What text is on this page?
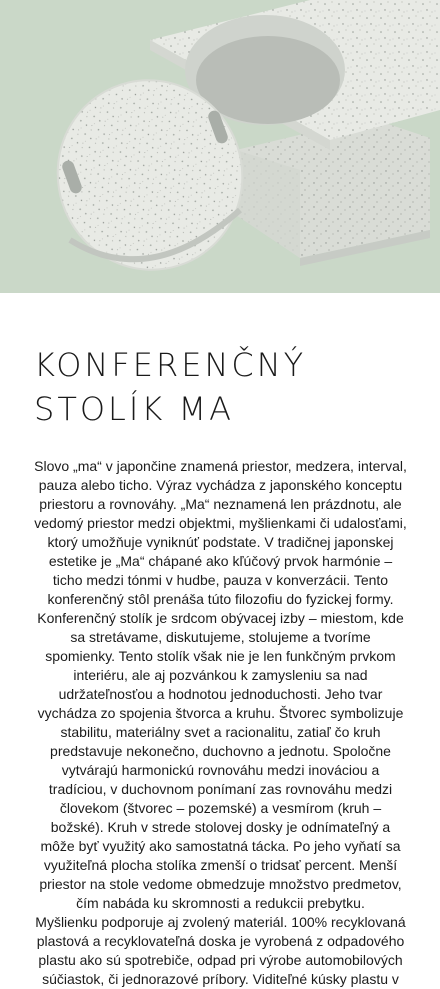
KONFERENČNÝ
STOLÍK MA

Slovo „ma“ v japončine znamená priestor, medzera, interval, pauza alebo ticho. Výraz vychádza z japonského konceptu priestoru a rovnováhy. „Ma“ neznamená len prázdnotu, ale vedomý priestor medzi objektmi, myšlienkami či udalosťami, ktorý umožňuje vyniknúť podstate. V tradičnej japonskej estetike je „Ma“ chápané ako kľúčový prvok harmónie – ticho medzi tónmi v hudbe, pauza v konverzácii. Tento konferenčný stôl prenáša túto filozofiu do fyzickej formy. Konferenčný stolík je srdcom obývacej izby – miestom, kde sa stretávame, diskutujeme, stolujeme a tvoríme spomienky. Tento stolík však nie je len funkčným prvkom interiéru, ale aj pozvánkou k zamysleniu sa nad udržateľnosťou a hodnotou jednoduchosti. Jeho tvar vychádza zo spojenia štvorca a kruhu. Štvorec symbolizuje stabilitu, materiálny svet a racionalitu, zatiaľ čo kruh predstavuje nekonečno, duchovno a jednotu. Spoločne vytvárajú harmonickú rovnováhu medzi inováciou a tradíciou, v duchovnom ponímaní zas rovnováhu medzi človekom (štvorec – pozemské) a vesmírom (kruh – božské). Kruh v strede stolovej dosky je odnímateľný a môže byť využitý ako samostatná tácka. Po jeho vyňatí sa využiteľná plocha stolíka zmenší o tridsať percent. Menší priestor na stole vedome obmedzuje množstvo predmetov, čím nabáda ku skromnosti a redukcii prebytku.

Myšlienku podporuje aj zvolený materiál. 100% recyklovaná plastová a recyklovateľná doska je vyrobená z odpadového plastu ako sú spotrebiče, odpad pri výrobe automobilových súčiastok, či jednorazové príbory. Viditeľné kúsky plastu v
